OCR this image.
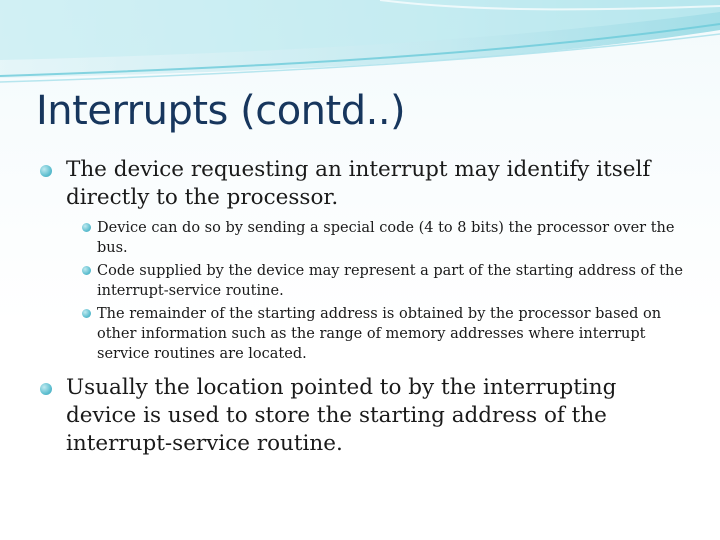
Interrupts (contd..)
The device requesting an interrupt may identify itself directly to the processor.
Device can do so by sending a special code (4 to 8 bits) the processor over the bus.
Code supplied by the device may represent a part of the starting address of the interrupt-service routine.
The remainder of the starting address is obtained by the processor based on other information such as the range of memory addresses where interrupt service routines are located.
Usually the location pointed to by the interrupting device is used to store the starting address of the interrupt-service routine.
